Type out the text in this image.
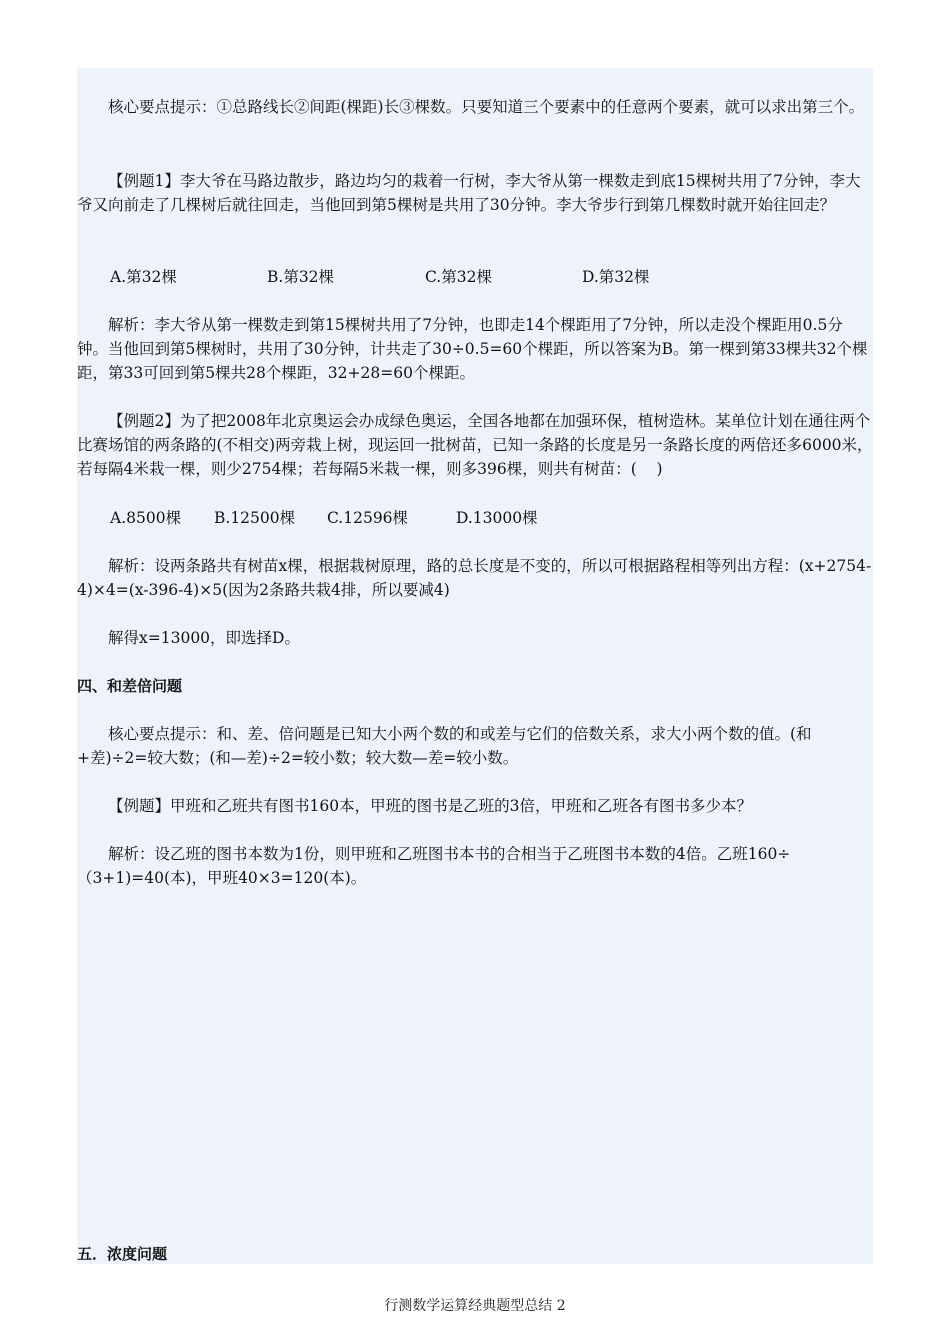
核心要点提示：①总路线长②间距(棵距)长③棵数。只要知道三个要素中的任意两个要素，就可以求出第三个。

【例题1】李大爷在马路边散步，路边均匀的栽着一行树，李大爷从第一棵数走到底15棵树共用了7分钟，李大爷又向前走了几棵树后就往回走，当他回到第5棵树是共用了30分钟。李大爷步行到第几棵数时就开始往回走？

A.第32棵	B.第32棵	C.第32棵	D.第32棵

解析：李大爷从第一棵数走到第15棵树共用了7分钟，也即走14个棵距用了7分钟，所以走没个棵距用0.5分钟。当他回到第5棵树时，共用了30分钟，计共走了30÷0.5=60个棵距，所以答案为B。第一棵到第33棵共32个棵距，第33可回到第5棵共28个棵距，32+28=60个棵距。

【例题2】为了把2008年北京奥运会办成绿色奥运，全国各地都在加强环保，植树造林。某单位计划在通往两个比赛场馆的两条路的(不相交)两旁栽上树，现运回一批树苗，已知一条路的长度是另一条路长度的两倍还多6000米，若每隔4米栽一棵，则少2754棵；若每隔5米栽一棵，则多396棵，则共有树苗：(    )

A.8500棵 B.12500棵 C.12596棵	D.13000棵

解析：设两条路共有树苗x棵，根据栽树原理，路的总长度是不变的，所以可根据路程相等列出方程：(x+2754-4)×4=(x-396-4)×5(因为2条路共栽4排，所以要减4)

解得x=13000，即选择D。

四、和差倍问题

核心要点提示：和、差、倍问题是已知大小两个数的和或差与它们的倍数关系，求大小两个数的值。(和+差)÷2=较大数；(和—差)÷2=较小数；较大数—差=较小数。

【例题】甲班和乙班共有图书160本，甲班的图书是乙班的3倍，甲班和乙班各有图书多少本？

解析：设乙班的图书本数为1份，则甲班和乙班图书本书的合相当于乙班图书本数的4倍。乙班160÷（3+1)=40(本)，甲班40×3=120(本)。

五．浓度问题

行测数学运算经典题型总结 2
